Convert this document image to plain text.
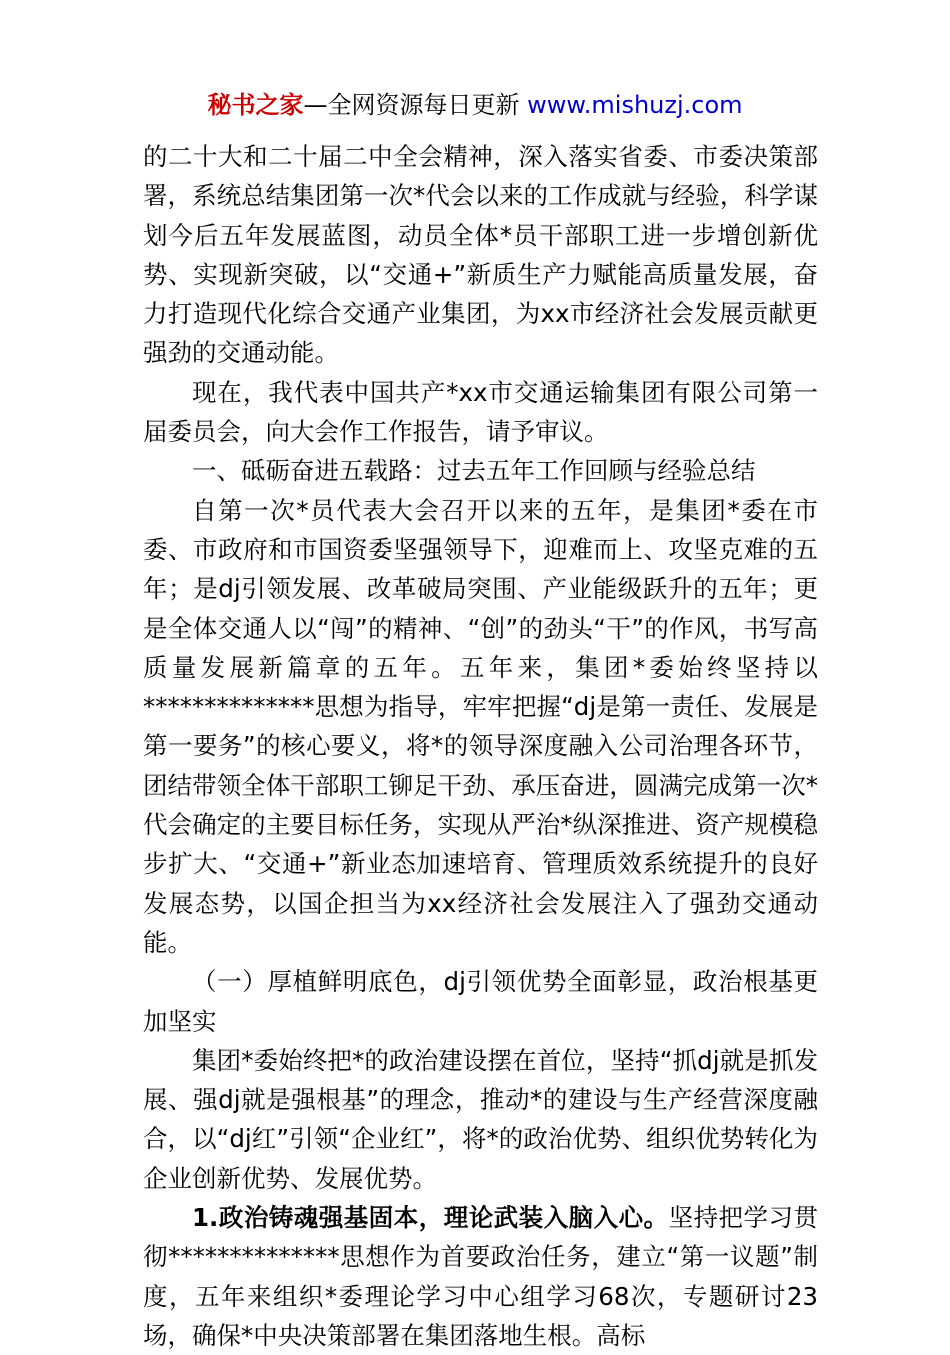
秘书之家—全网资源每日更新 www.mishuzj.com

的二十大和二十届二中全会精神，深入落实省委、市委决策部署，系统总结集团第一次*代会以来的工作成就与经验，科学谋划今后五年发展蓝图，动员全体*员干部职工进一步增创新优势、实现新突破，以“交通+”新质生产力赋能高质量发展，奋力打造现代化综合交通产业集团，为xx市经济社会发展贡献更强劲的交通动能。

现在，我代表中国共产*xx市交通运输集团有限公司第一届委员会，向大会作工作报告，请予审议。

一、砥砺奋进五载路：过去五年工作回顾与经验总结

自第一次*员代表大会召开以来的五年，是集团*委在市委、市政府和市国资委坚强领导下，迎难而上、攻坚克难的五年；是dj引领发展、改革破局突围、产业能级跃升的五年；更是全体交通人以“闯”的精神、“创”的劲头“干”的作风，书写高质量发展新篇章的五年。五年来，集团*委始终坚持以**************思想为指导，牢牢把握“dj是第一责任、发展是第一要务”的核心要义，将*的领导深度融入公司治理各环节，团结带领全体干部职工铆足干劲、承压奋进，圆满完成第一次*代会确定的主要目标任务，实现从严治*纵深推进、资产规模稳步扩大、“交通+”新业态加速培育、管理质效系统提升的良好发展态势，以国企担当为xx经济社会发展注入了强劲交通动能。

（一）厚植鲜明底色，dj引领优势全面彰显，政治根基更加坚实

集团*委始终把*的政治建设摆在首位，坚持“抓dj就是抓发展、强dj就是强根基”的理念，推动*的建设与生产经营深度融合，以“dj红”引领“企业红”，将*的政治优势、组织优势转化为企业创新优势、发展优势。

1.政治铸魂强基固本，理论武装入脑入心。坚持把学习贯彻**************思想作为首要政治任务，建立“第一议题”制度，五年来组织*委理论学习中心组学习68次，专题研讨23场，确保*中央决策部署在集团落地生根。高标
